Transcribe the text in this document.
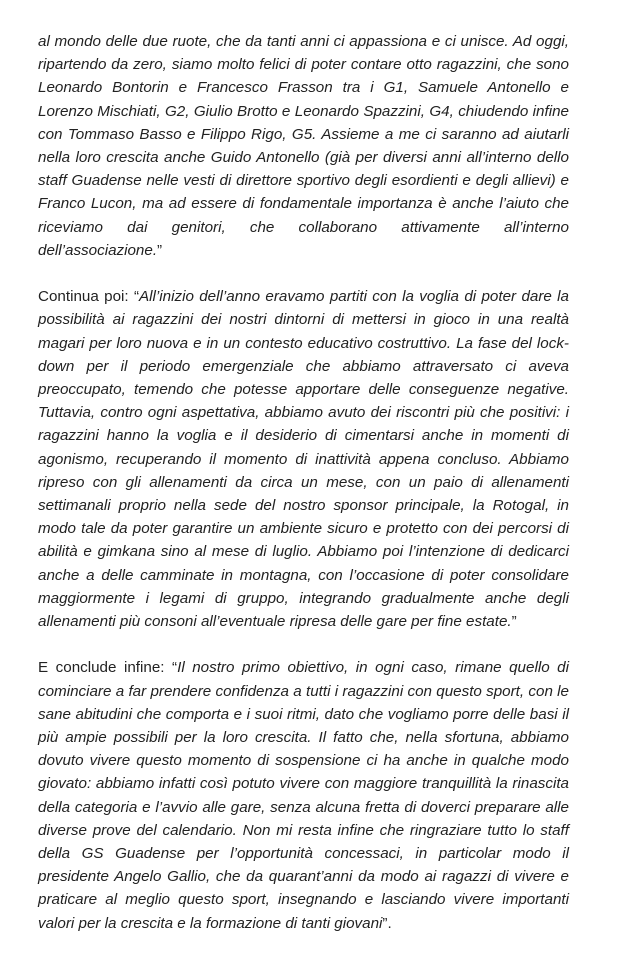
al mondo delle due ruote, che da tanti anni ci appassiona e ci unisce. Ad oggi, ripartendo da zero, siamo molto felici di poter contare otto ragazzini, che sono Leonardo Bontorin e Francesco Frasson tra i G1, Samuele Antonello e Lorenzo Mischiati, G2, Giulio Brotto e Leonardo Spazzini, G4, chiudendo infine con Tommaso Basso e Filippo Rigo, G5. Assieme a me ci saranno ad aiutarli nella loro crescita anche Guido Antonello (già per diversi anni all’interno dello staff Guadense nelle vesti di direttore sportivo degli esordienti e degli allievi) e Franco Lucon, ma ad essere di fondamentale importanza è anche l’aiuto che riceviamo dai genitori, che collaborano attivamente all’interno dell’associazione.”

Continua poi: “All’inizio dell’anno eravamo partiti con la voglia di poter dare la possibilità ai ragazzini dei nostri dintorni di mettersi in gioco in una realtà magari per loro nuova e in un contesto educativo costruttivo. La fase del lock-down per il periodo emergenziale che abbiamo attraversato ci aveva preoccupato, temendo che potesse apportare delle conseguenze negative. Tuttavia, contro ogni aspettativa, abbiamo avuto dei riscontri più che positivi: i ragazzini hanno la voglia e il desiderio di cimentarsi anche in momenti di agonismo, recuperando il momento di inattività appena concluso. Abbiamo ripreso con gli allenamenti da circa un mese, con un paio di allenamenti settimanali proprio nella sede del nostro sponsor principale, la Rotogal, in modo tale da poter garantire un ambiente sicuro e protetto con dei percorsi di abilità e gimkana sino al mese di luglio. Abbiamo poi l’intenzione di dedicarci anche a delle camminate in montagna, con l’occasione di poter consolidare maggiormente i legami di gruppo, integrando gradualmente anche degli allenamenti più consoni all’eventuale ripresa delle gare per fine estate.”

E conclude infine: “Il nostro primo obiettivo, in ogni caso, rimane quello di cominciare a far prendere confidenza a tutti i ragazzini con questo sport, con le sane abitudini che comporta e i suoi ritmi, dato che vogliamo porre delle basi il più ampie possibili per la loro crescita. Il fatto che, nella sfortuna, abbiamo dovuto vivere questo momento di sospensione ci ha anche in qualche modo giovato: abbiamo infatti così potuto vivere con maggiore tranquillità la rinascita della categoria e l’avvio alle gare, senza alcuna fretta di doverci preparare alle diverse prove del calendario. Non mi resta infine che ringraziare tutto lo staff della GS Guadense per l’opportunità concessaci, in particolar modo il presidente Angelo Gallio, che da quarant’anni da modo ai ragazzi di vivere e praticare al meglio questo sport, insegnando e lasciando vivere importanti valori per la crescita e la formazione di tanti giovani”.
